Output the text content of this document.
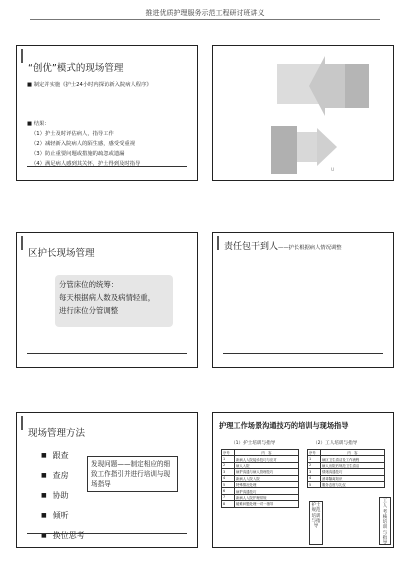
推进优质护理服务示范工程研讨班讲义
“创优”模式的现场管理
■ 制定并实施《护士24小时内探访新入院病人程序》
■ 结果：
（1）护士及时评估病人，指导工作
（2）减轻新入院病人的陌生感，感受受重视
（3）防止重要问题或措施的疏忽或遗漏
（4）满足病人感到其关怀，护士得到及时指导
U
区护长现场管理
分管床位的统筹：
每天根据病人数及病情轻重，
进行床位分管调整
责任包干到人——护长根据病人情况调整
现场管理方法
■ 跟查
■ 查房
■ 协助
■ 倾听
■ 换位思考
发现问题——制定相应的细致工作指引并进行培训与现场指导
护理工作场景沟通技巧的培训与现场指导
（1）护士培训与指导	（2）工人培训与指导
序号	内　容
1	新病人入院接诊技巧与应对
2	病人入院
3	病护沟通与病人管理技巧
4	新病人入院入院
5	特殊情况处理
6	病护沟通技巧
7	新病人入院护理常规
8	疑难问题处理一对一指导
序号	内　容
1	病区卫生清洁及工作流程
2	病人出院后规范卫生清洁
3	情绪沟通技巧
4	消毒隔离知识
5	服务态度与礼仪
护士规范培训与指导
工人考核培训与指导
